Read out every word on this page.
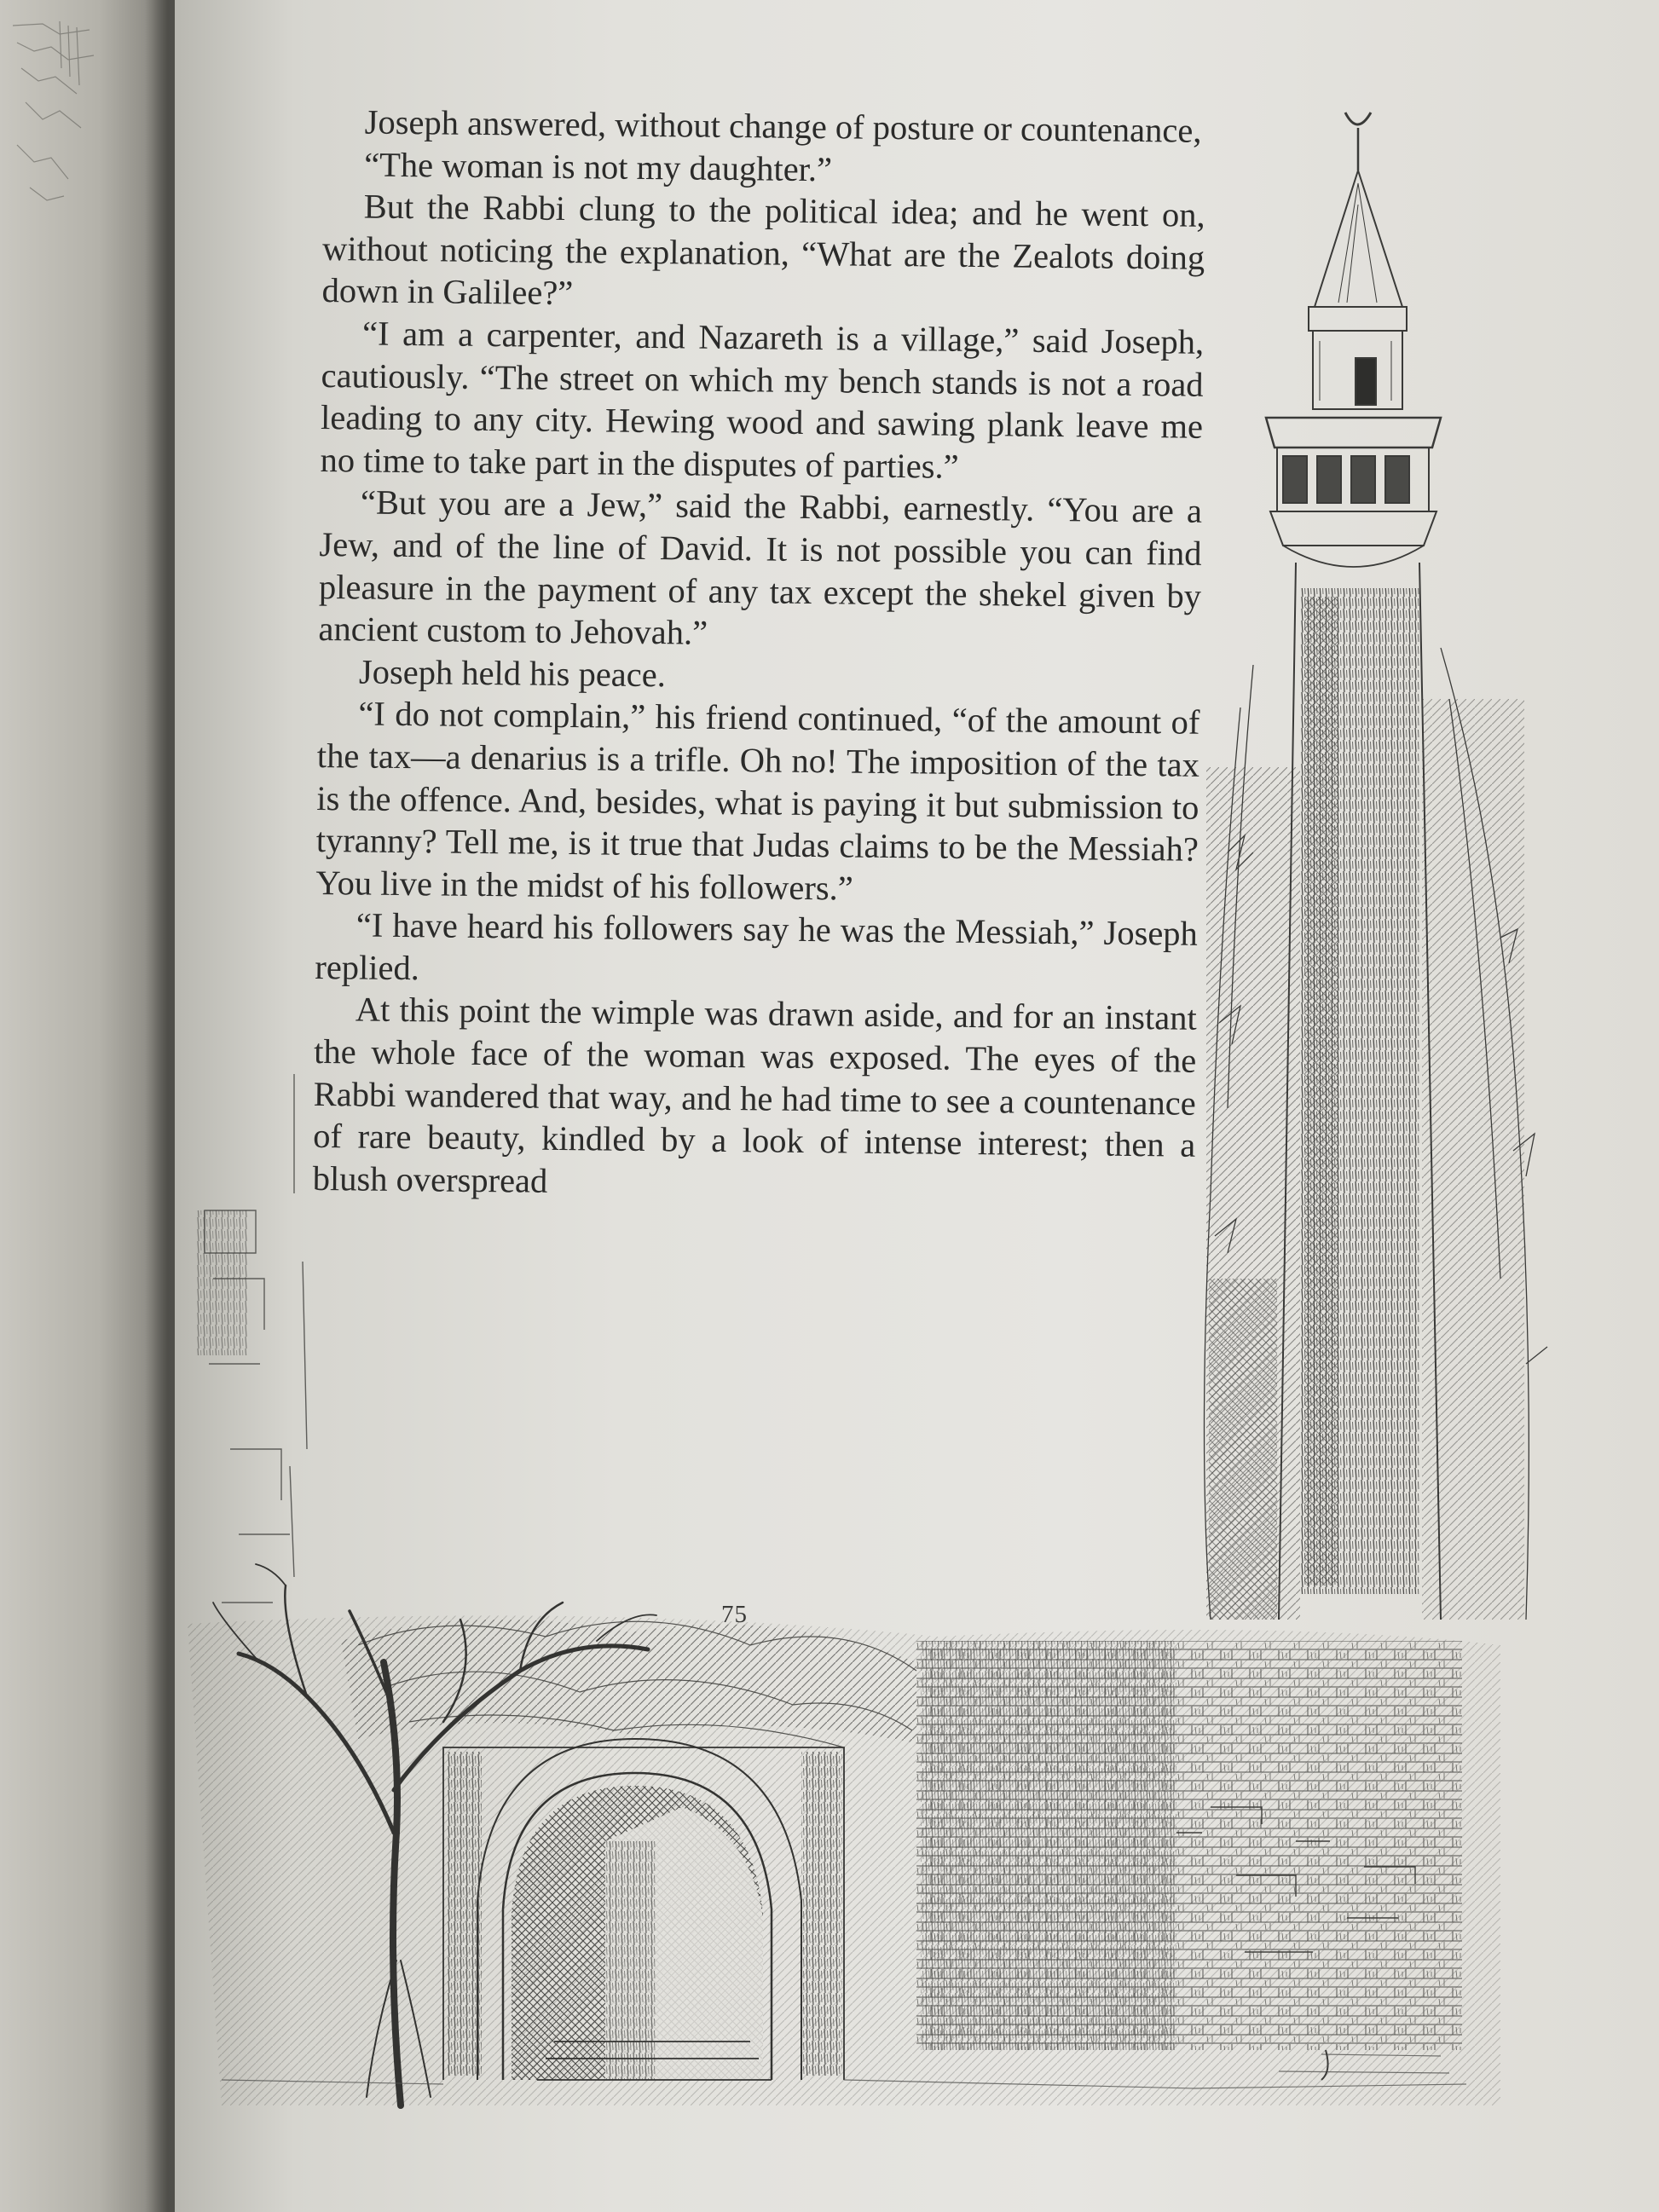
Joseph answered, without change of posture or countenance,

“The woman is not my daughter.”

But the Rabbi clung to the political idea; and he went on, without noticing the explanation, “What are the Zealots doing down in Galilee?”

“I am a carpenter, and Nazareth is a village,” said Joseph, cautiously. “The street on which my bench stands is not a road leading to any city. Hewing wood and sawing plank leave me no time to take part in the disputes of parties.”

“But you are a Jew,” said the Rabbi, earnestly. “You are a Jew, and of the line of David. It is not possible you can find pleasure in the payment of any tax except the shekel given by ancient custom to Jehovah.”

Joseph held his peace.

“I do not complain,” his friend continued, “of the amount of the tax—a denarius is a trifle. Oh no! The imposition of the tax is the offence. And, besides, what is paying it but submission to tyranny? Tell me, is it true that Judas claims to be the Messiah? You live in the midst of his followers.”

“I have heard his followers say he was the Messiah,” Joseph replied.

At this point the wimple was drawn aside, and for an instant the whole face of the woman was exposed. The eyes of the Rabbi wandered that way, and he had time to see a countenance of rare beauty, kindled by a look of intense interest; then a blush overspread

75
